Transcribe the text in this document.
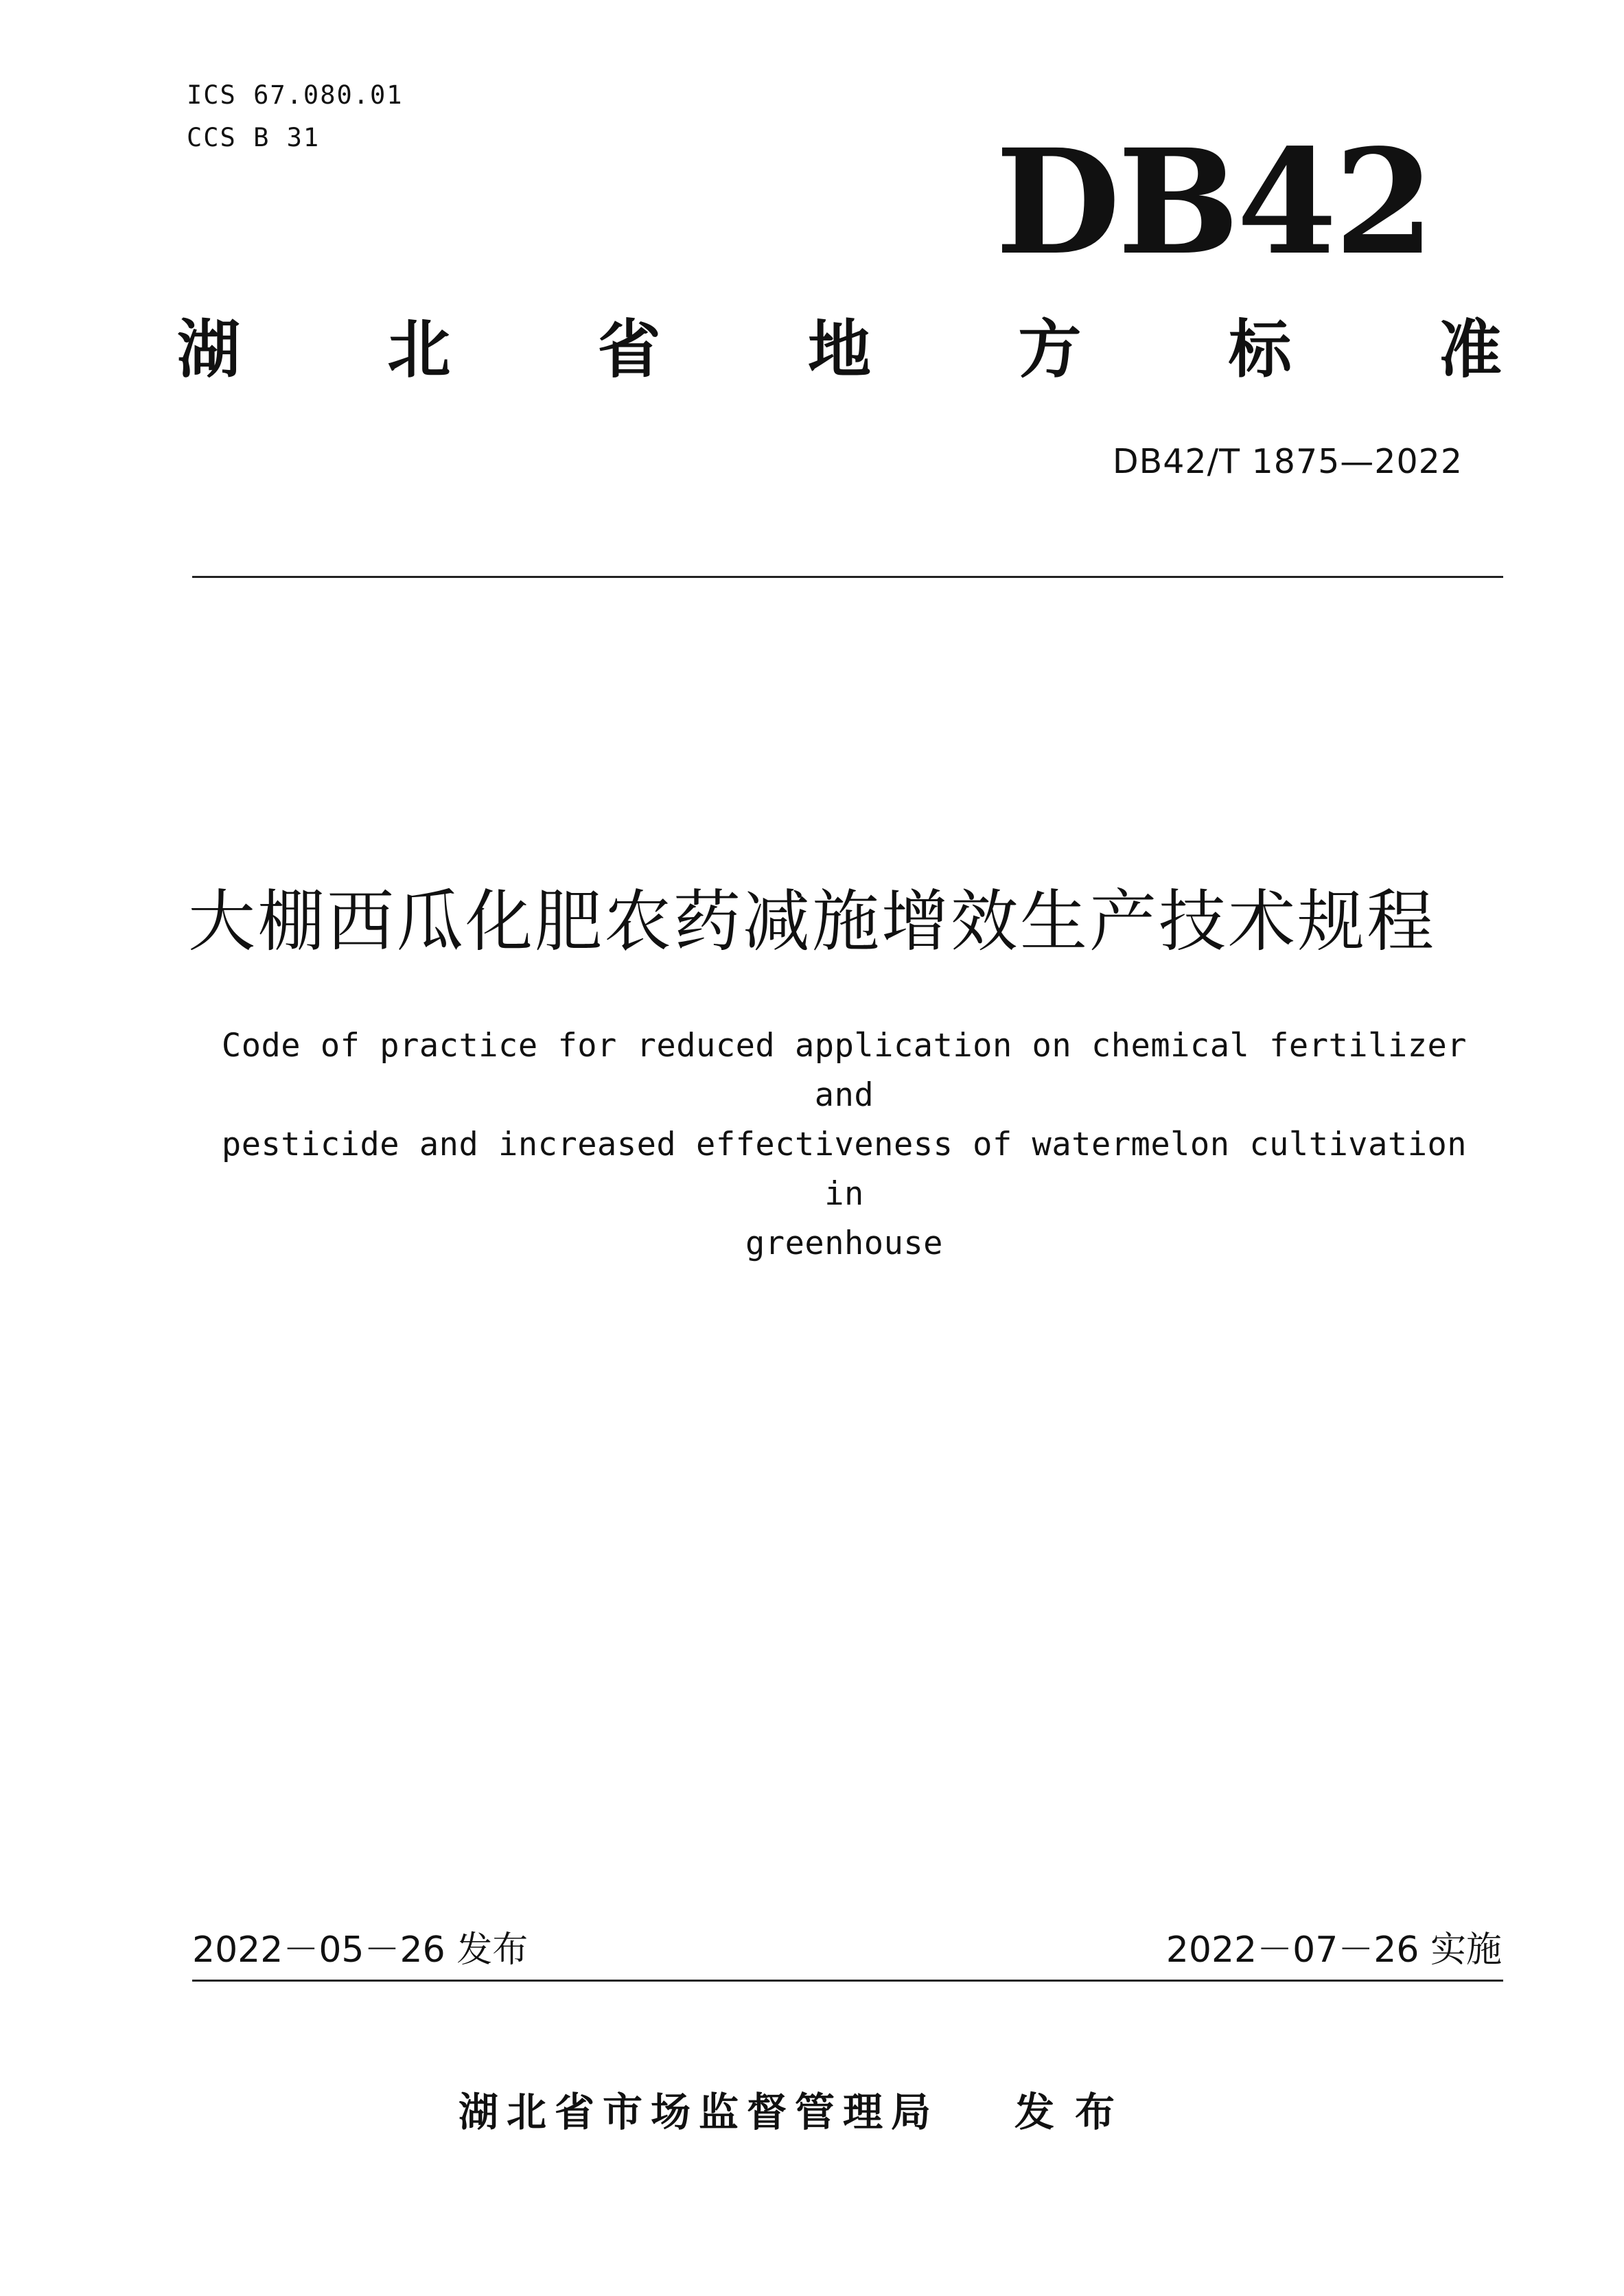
ICS 67.080.01
CCS B 31	DB42
湖 北 省 地 方 标 准
DB42/T 1875—2022
大棚西瓜化肥农药减施增效生产技术规程
Code of practice for reduced application on chemical fertilizer and
pesticide and increased effectiveness of watermelon cultivation in
greenhouse
2022－05－26 发布	2022－07－26 实施
湖北省市场监督管理局 发布
